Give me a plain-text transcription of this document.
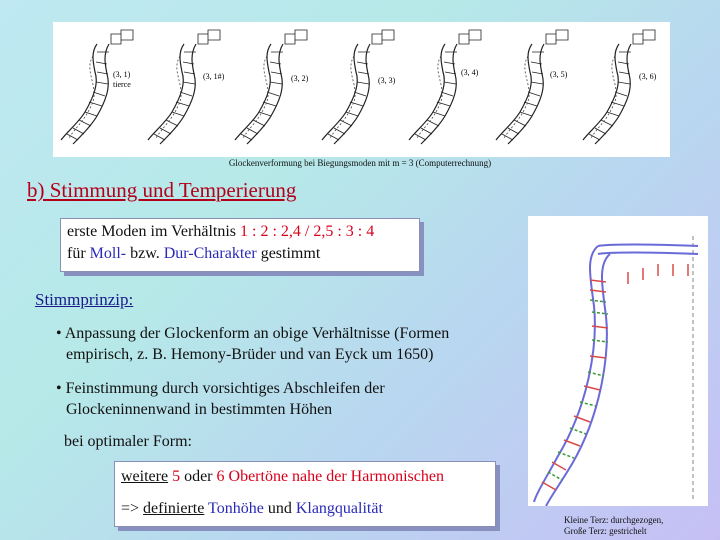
(3, 1)
tierce
(3, 1#)	(3, 2)	(3, 3)
(3, 4)	(3, 5)	(3, 6)
Glockenverformung bei Biegungsmoden mit m = 3 (Computerrechnung)
b) Stimmung und Temperierung
erste Moden im Verhältnis 1 : 2 : 2,4 / 2,5 : 3 : 4
für Moll- bzw. Dur-Charakter gestimmt
Stimmprinzip:
• Anpassung der Glockenform an obige Verhältnisse (Formen
empirisch, z. B. Hemony-Brüder und van Eyck um 1650)
• Feinstimmung durch vorsichtiges Abschleifen der
Glockeninnenwand in bestimmten Höhen
bei optimaler Form:
weitere 5 oder 6 Obertöne nahe der Harmonischen
=> definierte Tonhöhe und Klangqualität
Kleine Terz: durchgezogen,
Große Terz: gestrichelt
